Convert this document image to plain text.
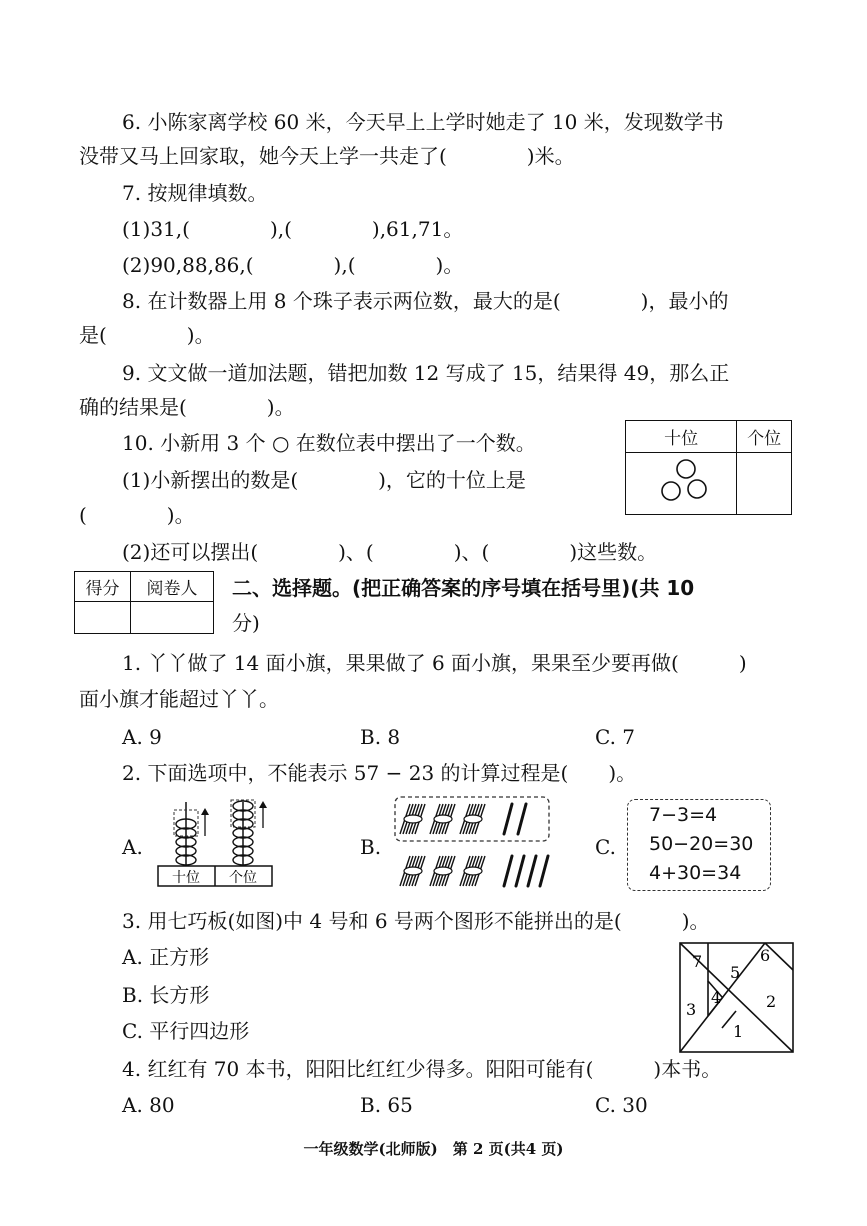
6. 小陈家离学校 60 米，今天早上上学时她走了 10 米，发现数学书
没带又马上回家取，她今天上学一共走了(　　　　)米。
7. 按规律填数。
(1)31,(　　　　),(　　　　),61,71。
(2)90,88,86,(　　　　),(　　　　)。
8. 在计数器上用 8 个珠子表示两位数，最大的是(　　　　)，最小的
是(　　　　)。
9. 文文做一道加法题，错把加数 12 写成了 15，结果得 49，那么正
确的结果是(　　　　)。
10. 小新用 3 个 ○ 在数位表中摆出了一个数。
(1)小新摆出的数是(　　　　)，它的十位上是
(　　　　)。
(2)还可以摆出(　　　　)、(　　　　)、(　　　　)这些数。
十位	个位

得分	阅卷人
	二、选择题。(把正确答案的序号填在括号里)(共 10
分)
1. 丫丫做了 14 面小旗，果果做了 6 面小旗，果果至少要再做(　　　)
面小旗才能超过丫丫。
A. 9	B. 8	C. 7
2. 下面选项中，不能表示 57 − 23 的计算过程是(　　)。
A.	B.	C.
十位 个位
7−3=4
50−20=30
4+30=34
3. 用七巧板(如图)中 4 号和 6 号两个图形不能拼出的是(　　　)。
A. 正方形
B. 长方形
C. 平行四边形
7
5
6
4
3	2
1
4. 红红有 70 本书，阳阳比红红少得多。阳阳可能有(　　　)本书。
A. 80	B. 65	C. 30
一年级数学(北师版)　第 2 页(共4 页)
